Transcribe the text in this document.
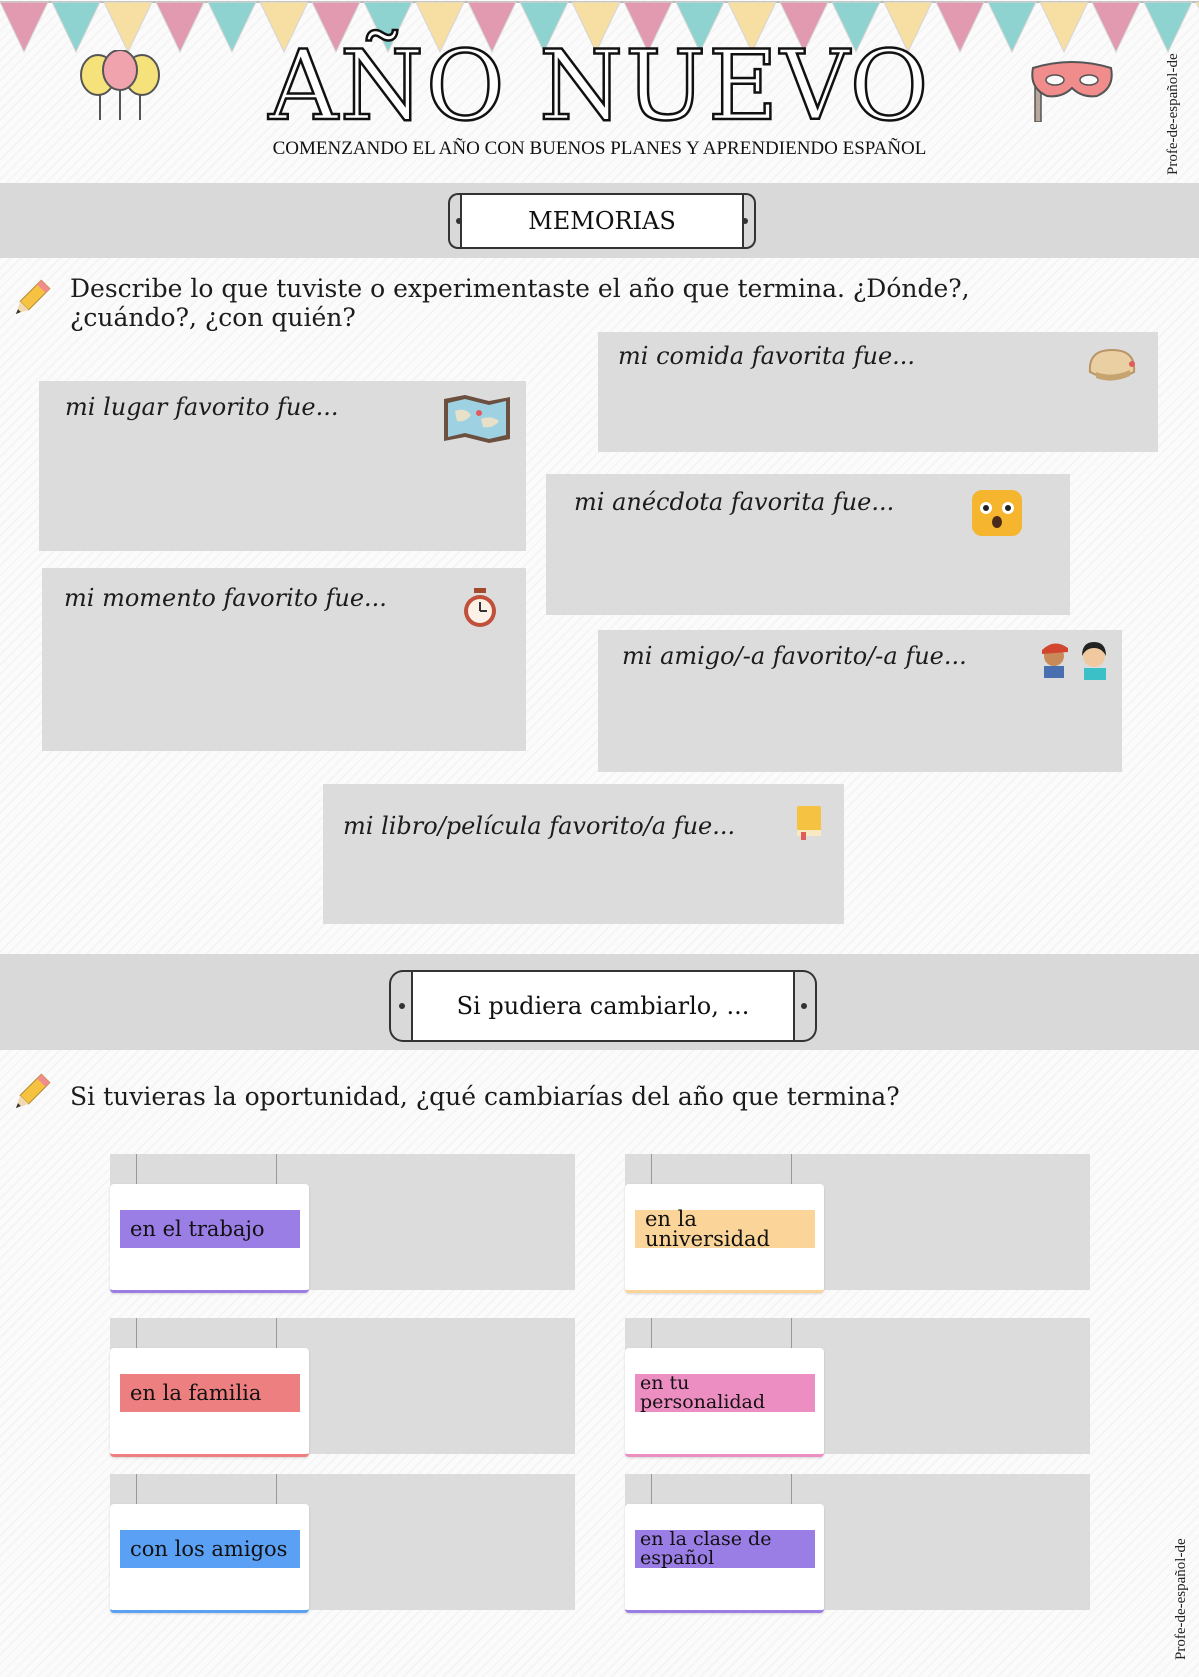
AÑO NUEVO
COMENZANDO EL AÑO CON BUENOS PLANES Y APRENDIENDO ESPAÑOL	Profe-de-español-de
Profe-de-español-de
MEMORIAS
Describe lo que tuviste o experimentaste el año que termina. ¿Dónde?, ¿cuándo?, ¿con quién?
mi lugar favorito fue...
mi comida favorita fue...
mi anécdota favorita fue...
mi momento favorito fue...
mi amigo/-a favorito/-a fue...
mi libro/película favorito/a fue...
Si pudiera cambiarlo, ...
Si tuvieras la oportunidad, ¿qué cambiarías del año que termina?
en el trabajo	en la universidad
en la familia	en tu personalidad
con los amigos	en la clase de español
